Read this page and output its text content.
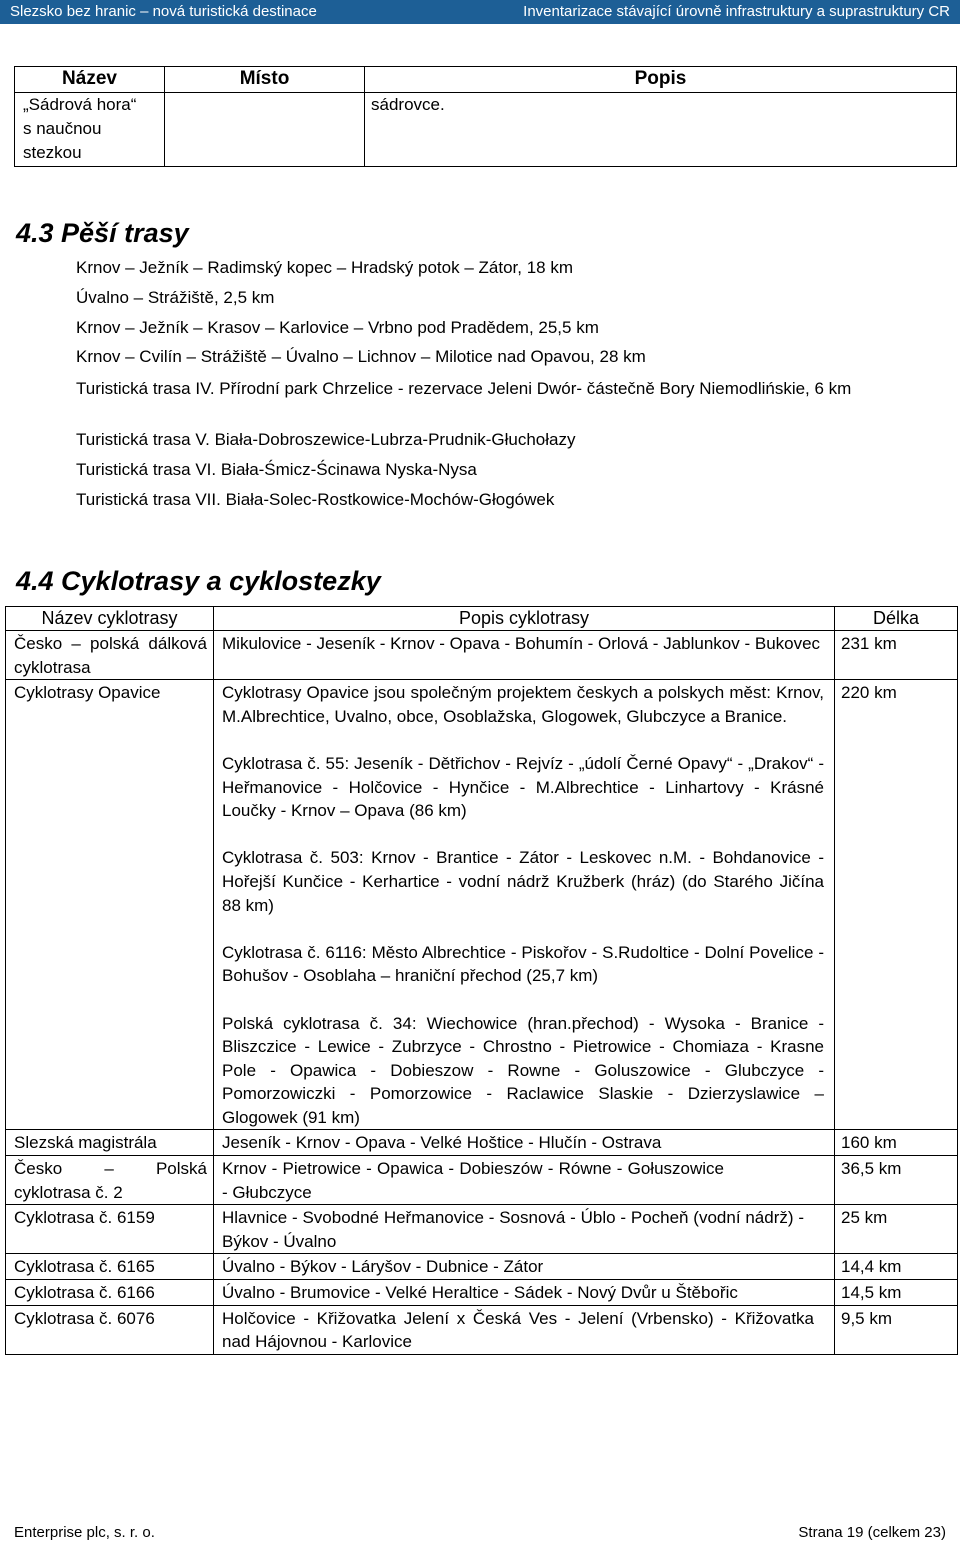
Slezsko bez hranic – nová turistická destinace	Inventarizace stávající úrovně infrastruktury a suprastruktury CR
Název	Místo	Popis
„Sádrová hora“ s naučnou stezkou		sádrovce.
4.3 Pěší trasy
Krnov – Ježník – Radimský kopec – Hradský potok – Zátor, 18 km
Úvalno – Strážiště, 2,5 km
Krnov – Ježník – Krasov – Karlovice – Vrbno pod Pradědem, 25,5 km
Krnov – Cvilín – Strážiště – Úvalno – Lichnov – Milotice nad Opavou, 28 km
Turistická trasa IV. Přírodní park Chrzelice - rezervace Jeleni Dwór- částečně Bory Niemodlińskie, 6 km
Turistická trasa V. Biała-Dobroszewice-Lubrza-Prudnik-Głuchołazy
Turistická trasa VI. Biała-Śmicz-Ścinawa Nyska-Nysa
Turistická trasa VII. Biała-Solec-Rostkowice-Mochów-Głogówek
4.4 Cyklotrasy a cyklostezky
Název cyklotrasy	Popis cyklotrasy	Délka
Česko – polská dálková cyklotrasa	Mikulovice - Jeseník - Krnov - Opava - Bohumín - Orlová - Jablunkov - Bukovec	231 km
Cyklotrasy Opavice	Cyklotrasy Opavice jsou společným projektem českych a polskych měst: Krnov, M.Albrechtice, Uvalno, obce, Osoblažska, Glogowek, Glubczyce a Branice.
Cyklotrasa č. 55: Jeseník - Dětřichov - Rejvíz - „údolí Černé Opavy“ - „Drakov“ - Heřmanovice - Holčovice - Hynčice - M.Albrechtice - Linhartovy - Krásné Loučky - Krnov – Opava (86 km)
Cyklotrasa č. 503: Krnov - Brantice - Zátor - Leskovec n.M. - Bohdanovice - Hořejší Kunčice - Kerhartice - vodní nádrž Kružberk (hráz) (do Starého Jičína 88 km)
Cyklotrasa č. 6116: Město Albrechtice - Piskořov - S.Rudoltice - Dolní Povelice - Bohušov - Osoblaha – hraniční přechod (25,7 km)
Polská cyklotrasa č. 34: Wiechowice (hran.přechod) - Wysoka - Branice - Bliszczice - Lewice - Zubrzyce - Chrostno - Pietrowice - Chomiaza - Krasne Pole - Opawica - Dobieszow - Rowne - Goluszowice - Glubczyce - Pomorzowiczki - Pomorzowice - Raclawice Slaskie - Dzierzyslawice – Glogowek (91 km)	220 km
Slezská magistrála	Jeseník - Krnov - Opava - Velké Hoštice - Hlučín - Ostrava	160 km
Česko – Polská cyklotrasa č. 2	Krnov - Pietrowice - Opawica - Dobieszów - Równe - Gołuszowice - Głubczyce	36,5 km
Cyklotrasa č. 6159	Hlavnice - Svobodné Heřmanovice - Sosnová - Úblo - Pocheň (vodní nádrž) - Býkov - Úvalno	25 km
Cyklotrasa č. 6165	Úvalno - Býkov - Láryšov - Dubnice - Zátor	14,4 km
Cyklotrasa č. 6166	Úvalno - Brumovice - Velké Heraltice - Sádek - Nový Dvůr u Štěbořic	14,5 km
Cyklotrasa č. 6076	Holčovice - Křižovatka Jelení x Česká Ves - Jelení (Vrbensko) - Křižovatka nad Hájovnou - Karlovice	9,5 km
Enterprise plc, s. r. o.	Strana 19 (celkem 23)
